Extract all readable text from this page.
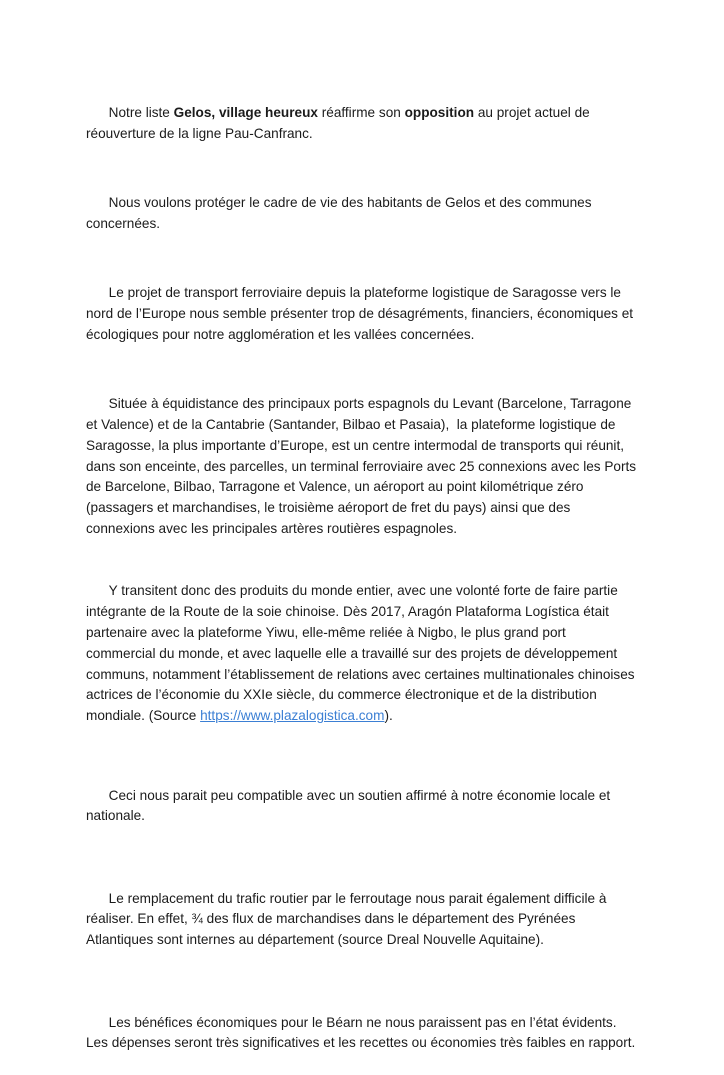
Notre liste Gelos, village heureux réaffirme son opposition au projet actuel de réouverture de la ligne Pau-Canfranc.

Nous voulons protéger le cadre de vie des habitants de Gelos et des communes concernées.

Le projet de transport ferroviaire depuis la plateforme logistique de Saragosse vers le nord de l’Europe nous semble présenter trop de désagréments, financiers, économiques et écologiques pour notre agglomération et les vallées concernées.

Située à équidistance des principaux ports espagnols du Levant (Barcelone, Tarragone et Valence) et de la Cantabrie (Santander, Bilbao et Pasaia),  la plateforme logistique de Saragosse, la plus importante d’Europe, est un centre intermodal de transports qui réunit, dans son enceinte, des parcelles, un terminal ferroviaire avec 25 connexions avec les Ports de Barcelone, Bilbao, Tarragone et Valence, un aéroport au point kilométrique zéro (passagers et marchandises, le troisième aéroport de fret du pays) ainsi que des connexions avec les principales artères routières espagnoles.

Y transitent donc des produits du monde entier, avec une volonté forte de faire partie intégrante de la Route de la soie chinoise. Dès 2017, Aragón Plataforma Logística était partenaire avec la plateforme Yiwu, elle-même reliée à Nigbo, le plus grand port commercial du monde, et avec laquelle elle a travaillé sur des projets de développement communs, notamment l’établissement de relations avec certaines multinationales chinoises actrices de l’économie du XXIe siècle, du commerce électronique et de la distribution mondiale. (Source https://www.plazalogistica.com).

Ceci nous parait peu compatible avec un soutien affirmé à notre économie locale et nationale.

Le remplacement du trafic routier par le ferroutage nous parait également difficile à réaliser. En effet, ¾ des flux de marchandises dans le département des Pyrénées Atlantiques sont internes au département (source Dreal Nouvelle Aquitaine).

Les bénéfices économiques pour le Béarn ne nous paraissent pas en l’état évidents. Les dépenses seront très significatives et les recettes ou économies très faibles en rapport.
